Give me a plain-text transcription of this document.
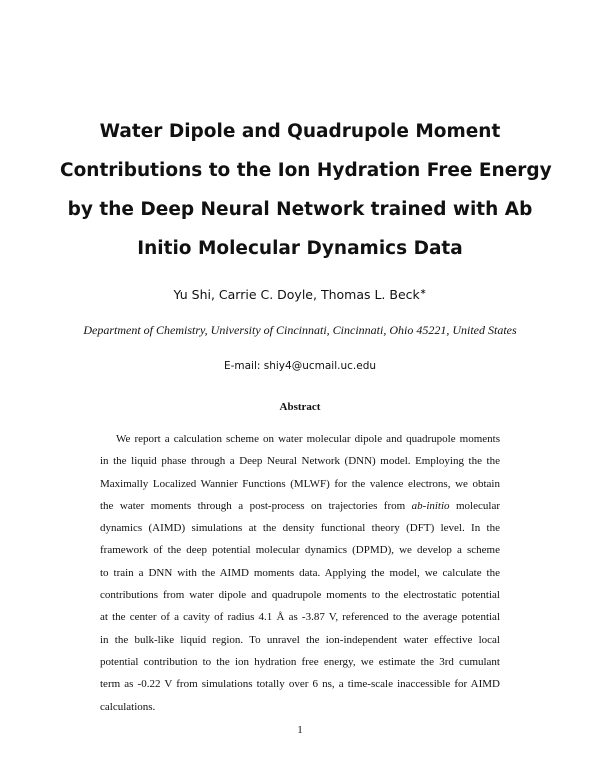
Water Dipole and Quadrupole Moment
Contributions to the Ion Hydration Free Energy
by the Deep Neural Network trained with Ab
Initio Molecular Dynamics Data
Yu Shi, Carrie C. Doyle, Thomas L. Beck∗
Department of Chemistry, University of Cincinnati, Cincinnati, Ohio 45221, United States
E-mail: shiy4@ucmail.uc.edu
Abstract
We report a calculation scheme on water molecular dipole and quadrupole moments
in the liquid phase through a Deep Neural Network (DNN) model. Employing the the
Maximally Localized Wannier Functions (MLWF) for the valence electrons, we obtain
the water moments through a post-process on trajectories from ab-initio molecular
dynamics (AIMD) simulations at the density functional theory (DFT) level. In the
framework of the deep potential molecular dynamics (DPMD), we develop a scheme
to train a DNN with the AIMD moments data. Applying the model, we calculate the
contributions from water dipole and quadrupole moments to the electrostatic potential
at the center of a cavity of radius 4.1 Å as -3.87 V, referenced to the average potential
in the bulk-like liquid region. To unravel the ion-independent water effective local
potential contribution to the ion hydration free energy, we estimate the 3rd cumulant
term as -0.22 V from simulations totally over 6 ns, a time-scale inaccessible for AIMD
calculations.
1
